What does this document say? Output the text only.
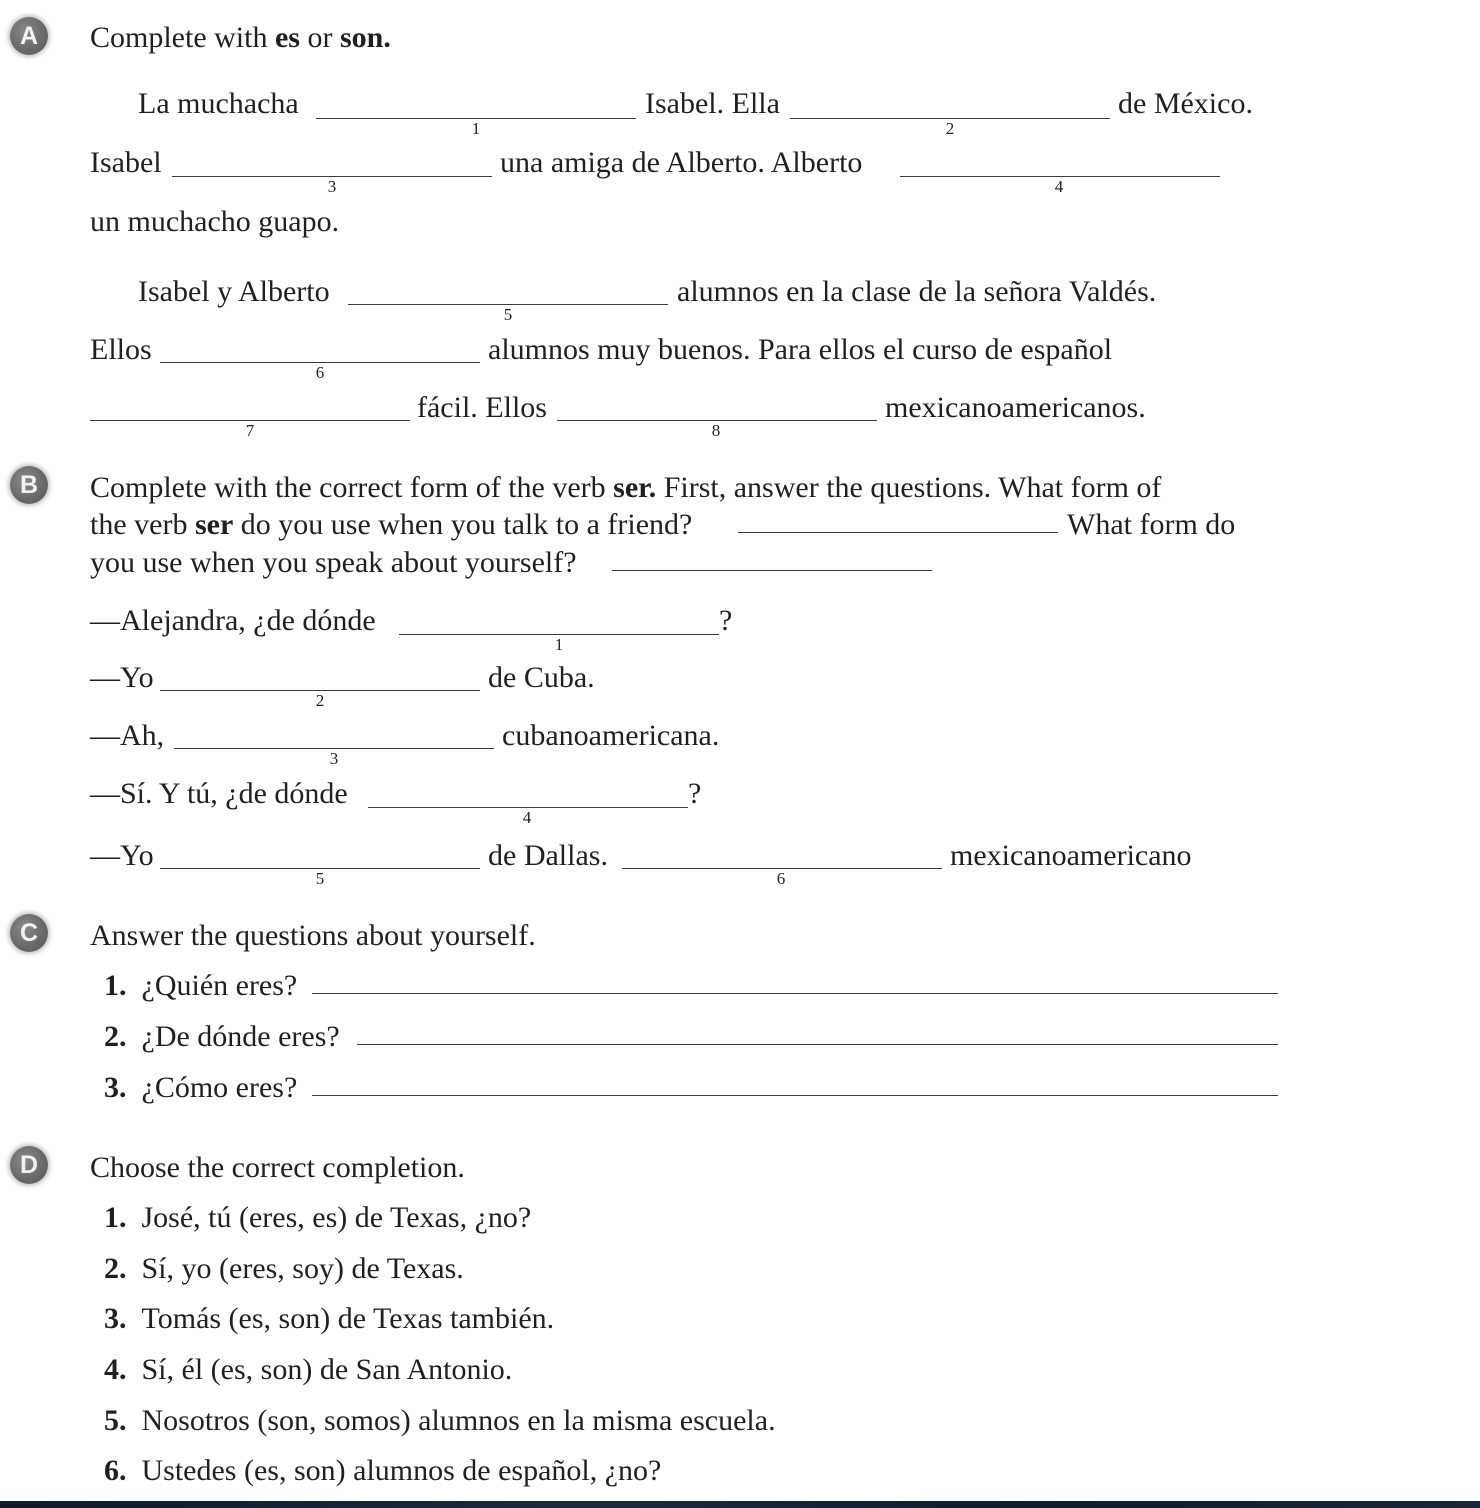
A	Complete with es or son.
La muchacha
1
Isabel. Ella
2
de México.
Isabel
3
una amiga de Alberto. Alberto
4
un muchacho guapo.
Isabel y Alberto
5
alumnos en la clase de la señora Valdés.
Ellos
6
alumnos muy buenos. Para ellos el curso de español
7
fácil. Ellos
8
mexicanoamericanos.
B	Complete with the correct form of the verb ser. First, answer the questions. What form of
the verb ser do you use when you talk to a friend?	What form do
you use when you speak about yourself?
—Alejandra, ¿de dónde
1
?
—Yo
2
de Cuba.
—Ah,
3
cubanoamericana.
—Sí. Y tú, ¿de dónde
4
?
—Yo
5
de Dallas.
6
mexicanoamericano
C	Answer the questions about yourself.
1. ¿Quién eres?
2. ¿De dónde eres?
3. ¿Cómo eres?
D	Choose the correct completion.
1. José, tú (eres, es) de Texas, ¿no?
2. Sí, yo (eres, soy) de Texas.
3. Tomás (es, son) de Texas también.
4. Sí, él (es, son) de San Antonio.
5. Nosotros (son, somos) alumnos en la misma escuela.
6. Ustedes (es, son) alumnos de español, ¿no?
